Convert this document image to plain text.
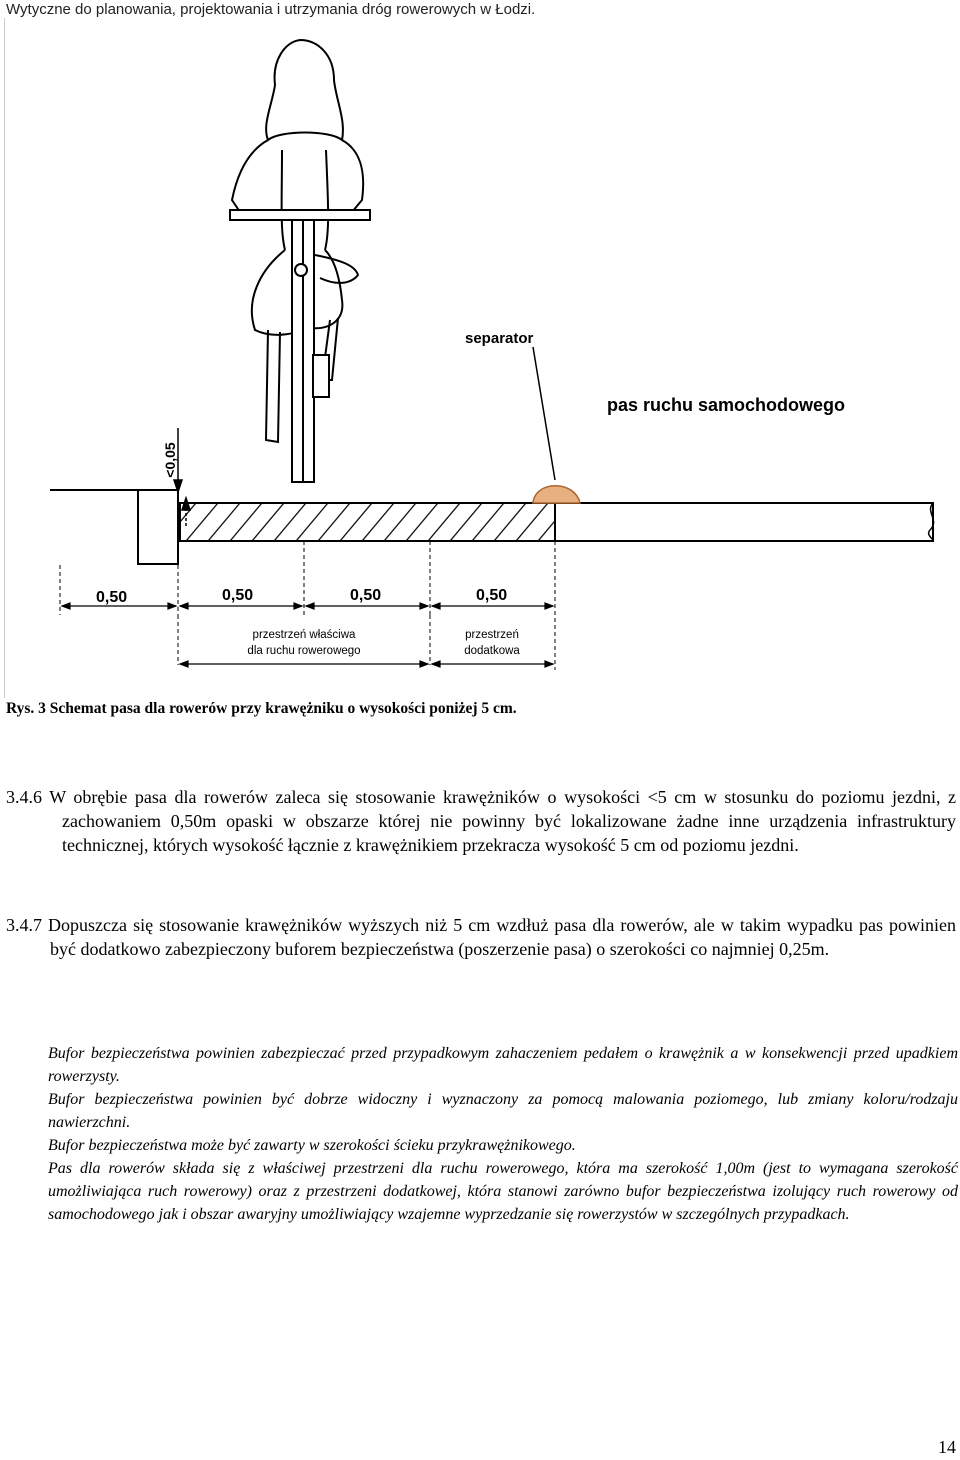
Wytyczne do planowania, projektowania i utrzymania dróg rowerowych w Łodzi.
<0,05
separator
pas ruchu samochodowego
0,50	0,50	0,50	0,50
przestrzeń właściwa
dla ruchu rowerowego
przestrzeń
dodatkowa
Rys. 3 Schemat pasa dla rowerów przy krawężniku o wysokości poniżej 5 cm.

3.4.6 W obrębie pasa dla rowerów zaleca się stosowanie krawężników o wysokości <5 cm w stosunku do poziomu jezdni, z zachowaniem 0,50m opaski w obszarze której nie powinny być lokalizowane żadne inne urządzenia infrastruktury technicznej, których wysokość łącznie z krawężnikiem przekracza wysokość 5 cm od poziomu jezdni.

3.4.7 Dopuszcza się stosowanie krawężników wyższych niż 5 cm wzdłuż pasa dla rowerów, ale w takim wypadku pas powinien być dodatkowo zabezpieczony buforem bezpieczeństwa (poszerzenie pasa) o szerokości co najmniej 0,25m.

Bufor bezpieczeństwa powinien zabezpieczać przed przypadkowym zahaczeniem pedałem o krawężnik a w konsekwencji przed upadkiem rowerzysty.

Bufor bezpieczeństwa powinien być dobrze widoczny i wyznaczony za pomocą malowania poziomego, lub zmiany koloru/rodzaju nawierzchni.

Bufor bezpieczeństwa może być zawarty w szerokości ścieku przykrawężnikowego.

Pas dla rowerów składa się z właściwej przestrzeni dla ruchu rowerowego, która ma szerokość 1,00m (jest to wymagana szerokość umożliwiająca ruch rowerowy) oraz z przestrzeni dodatkowej, która stanowi zarówno bufor bezpieczeństwa izolujący ruch rowerowy od samochodowego jak i obszar awaryjny umożliwiający wzajemne wyprzedzanie się rowerzystów w szczególnych przypadkach.

14
